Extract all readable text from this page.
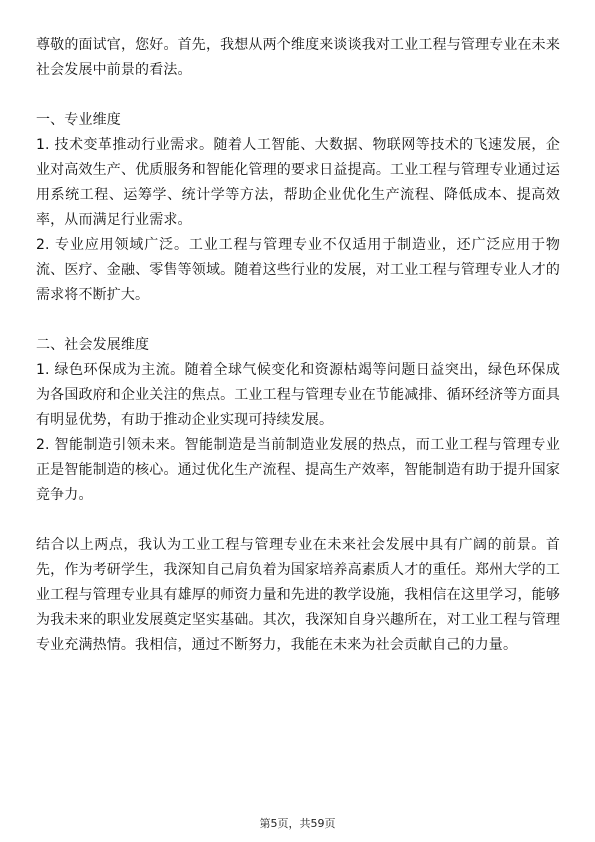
尊敬的面试官，您好。首先，我想从两个维度来谈谈我对工业工程与管理专业在未来社会发展中前景的看法。

一、专业维度

1. 技术变革推动行业需求。随着人工智能、大数据、物联网等技术的飞速发展，企业对高效生产、优质服务和智能化管理的要求日益提高。工业工程与管理专业通过运用系统工程、运筹学、统计学等方法，帮助企业优化生产流程、降低成本、提高效率，从而满足行业需求。

2. 专业应用领域广泛。工业工程与管理专业不仅适用于制造业，还广泛应用于物流、医疗、金融、零售等领域。随着这些行业的发展，对工业工程与管理专业人才的需求将不断扩大。

二、社会发展维度

1. 绿色环保成为主流。随着全球气候变化和资源枯竭等问题日益突出，绿色环保成为各国政府和企业关注的焦点。工业工程与管理专业在节能减排、循环经济等方面具有明显优势，有助于推动企业实现可持续发展。

2. 智能制造引领未来。智能制造是当前制造业发展的热点，而工业工程与管理专业正是智能制造的核心。通过优化生产流程、提高生产效率，智能制造有助于提升国家竞争力。

结合以上两点，我认为工业工程与管理专业在未来社会发展中具有广阔的前景。首先，作为考研学生，我深知自己肩负着为国家培养高素质人才的重任。郑州大学的工业工程与管理专业具有雄厚的师资力量和先进的教学设施，我相信在这里学习，能够为我未来的职业发展奠定坚实基础。其次，我深知自身兴趣所在，对工业工程与管理专业充满热情。我相信，通过不断努力，我能在未来为社会贡献自己的力量。

第5页，共59页
